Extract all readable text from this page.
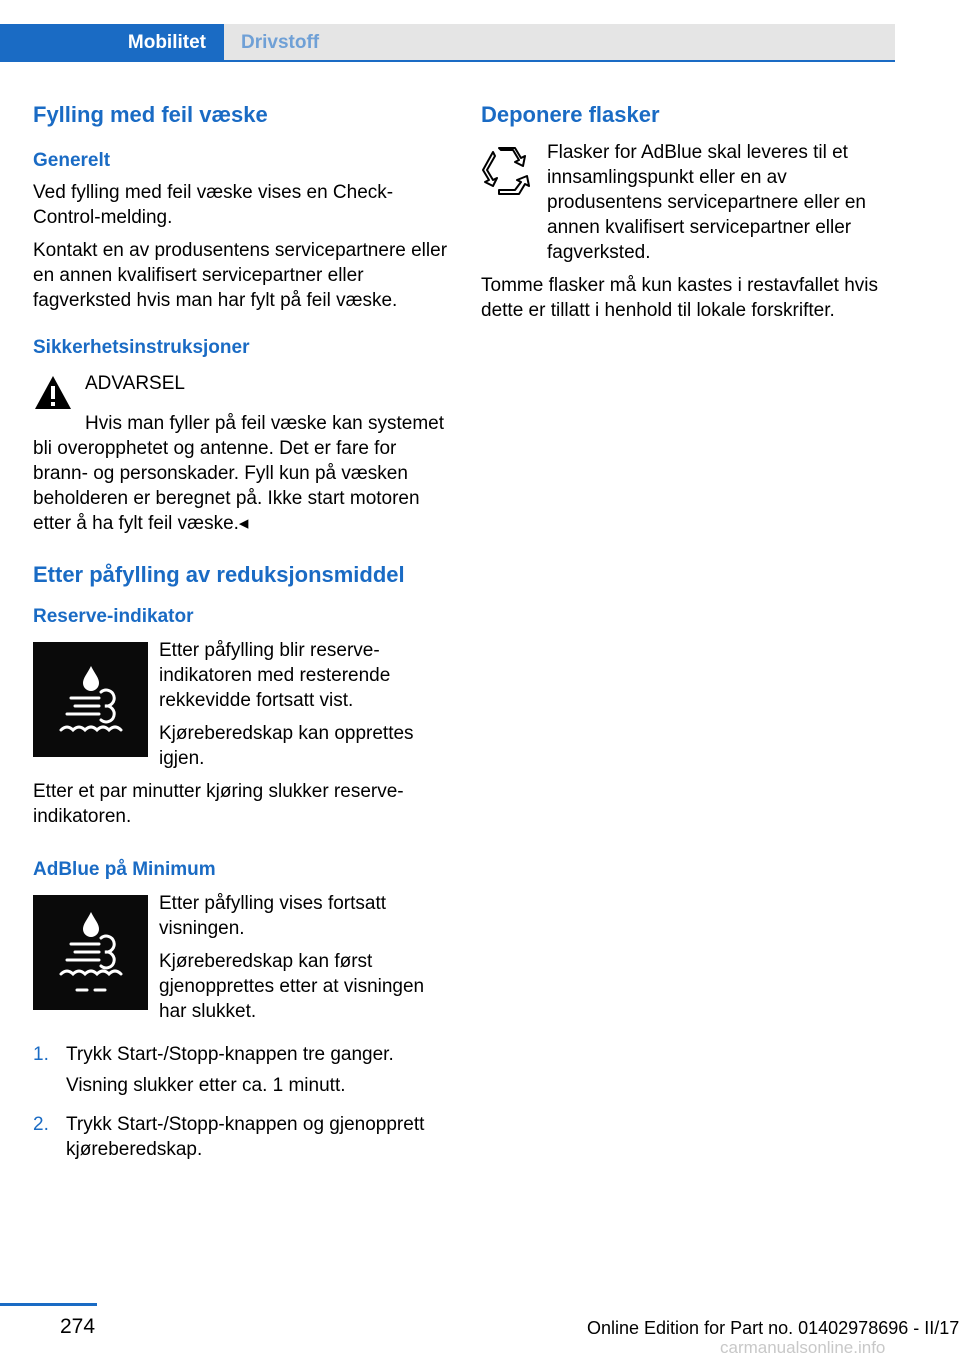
Mobilitet	Drivstoff
Fylling med feil væske
Generelt

Ved fylling med feil væske vises en Check-Control-melding.

Kontakt en av produsentens servicepartnere eller en annen kvalifisert servicepartner eller fagverksted hvis man har fylt på feil væske.

Sikkerhetsinstruksjoner

ADVARSEL

Hvis man fyller på feil væske kan systemet bli overopphetet og antenne. Det er fare for brann- og personskader. Fyll kun på væsken beholderen er beregnet på. Ikke start motoren etter å ha fylt feil væske.◂

Etter påfylling av reduksjonsmiddel
Reserve-indikator

Etter påfylling blir reserve-indikatoren med resterende rekkevidde fortsatt vist.

Kjøreberedskap kan opprettes igjen.

Etter et par minutter kjøring slukker reserve-indikatoren.

AdBlue på Minimum

Etter påfylling vises fortsatt visningen.

Kjøreberedskap kan først gjenopprettes etter at visningen har slukket.

1. Trykk Start-/Stopp-knappen tre ganger.

Visning slukker etter ca. 1 minutt.

2. Trykk Start-/Stopp-knappen og gjenopprett kjøreberedskap.

Deponere flasker

Flasker for AdBlue skal leveres til et innsamlingspunkt eller en av produsentens servicepartnere eller en annen kvalifisert servicepartner eller fagverksted.

Tomme flasker må kun kastes i restavfallet hvis dette er tillatt i henhold til lokale forskrifter.

274	Online Edition for Part no. 01402978696 - II/17
carmanualsonline.info
